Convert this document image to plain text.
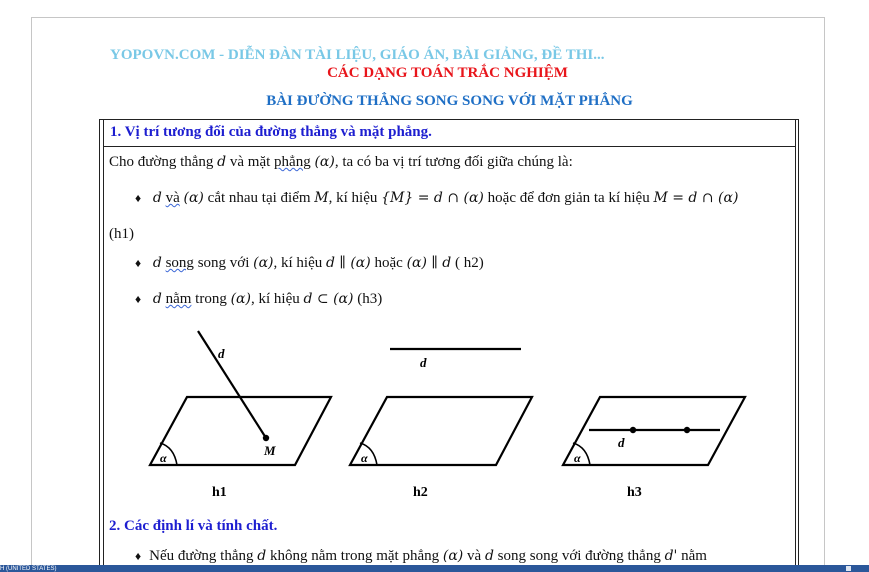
YOPOVN.COM - DIỄN ĐÀN TÀI LIỆU, GIÁO ÁN, BÀI GIẢNG, ĐỀ THI...
CÁC DẠNG TOÁN TRẮC NGHIỆM
BÀI ĐƯỜNG THẲNG SONG SONG VỚI MẶT PHẲNG
1. Vị trí tương đối của đường thẳng và mặt phẳng.
Cho đường thẳng d và mặt phẳng (α), ta có ba vị trí tương đối giữa chúng là:
♦ d và (α) cắt nhau tại điểm M, kí hiệu {M} = d ∩ (α) hoặc để đơn giản ta kí hiệu M = d ∩ (α)
(h1)
♦ d song song với (α), kí hiệu d ∥ (α) hoặc (α) ∥ d ( h2)
♦ d nằm trong (α), kí hiệu d ⊂ (α) (h3)
d
M
α
d
α
d
α
h1	h2	h3
2. Các định lí và tính chất.
♦ Nếu đường thẳng d không nằm trong mặt phẳng (α) và d song song với đường thẳng d' nằm
H (UNITED STATES)
